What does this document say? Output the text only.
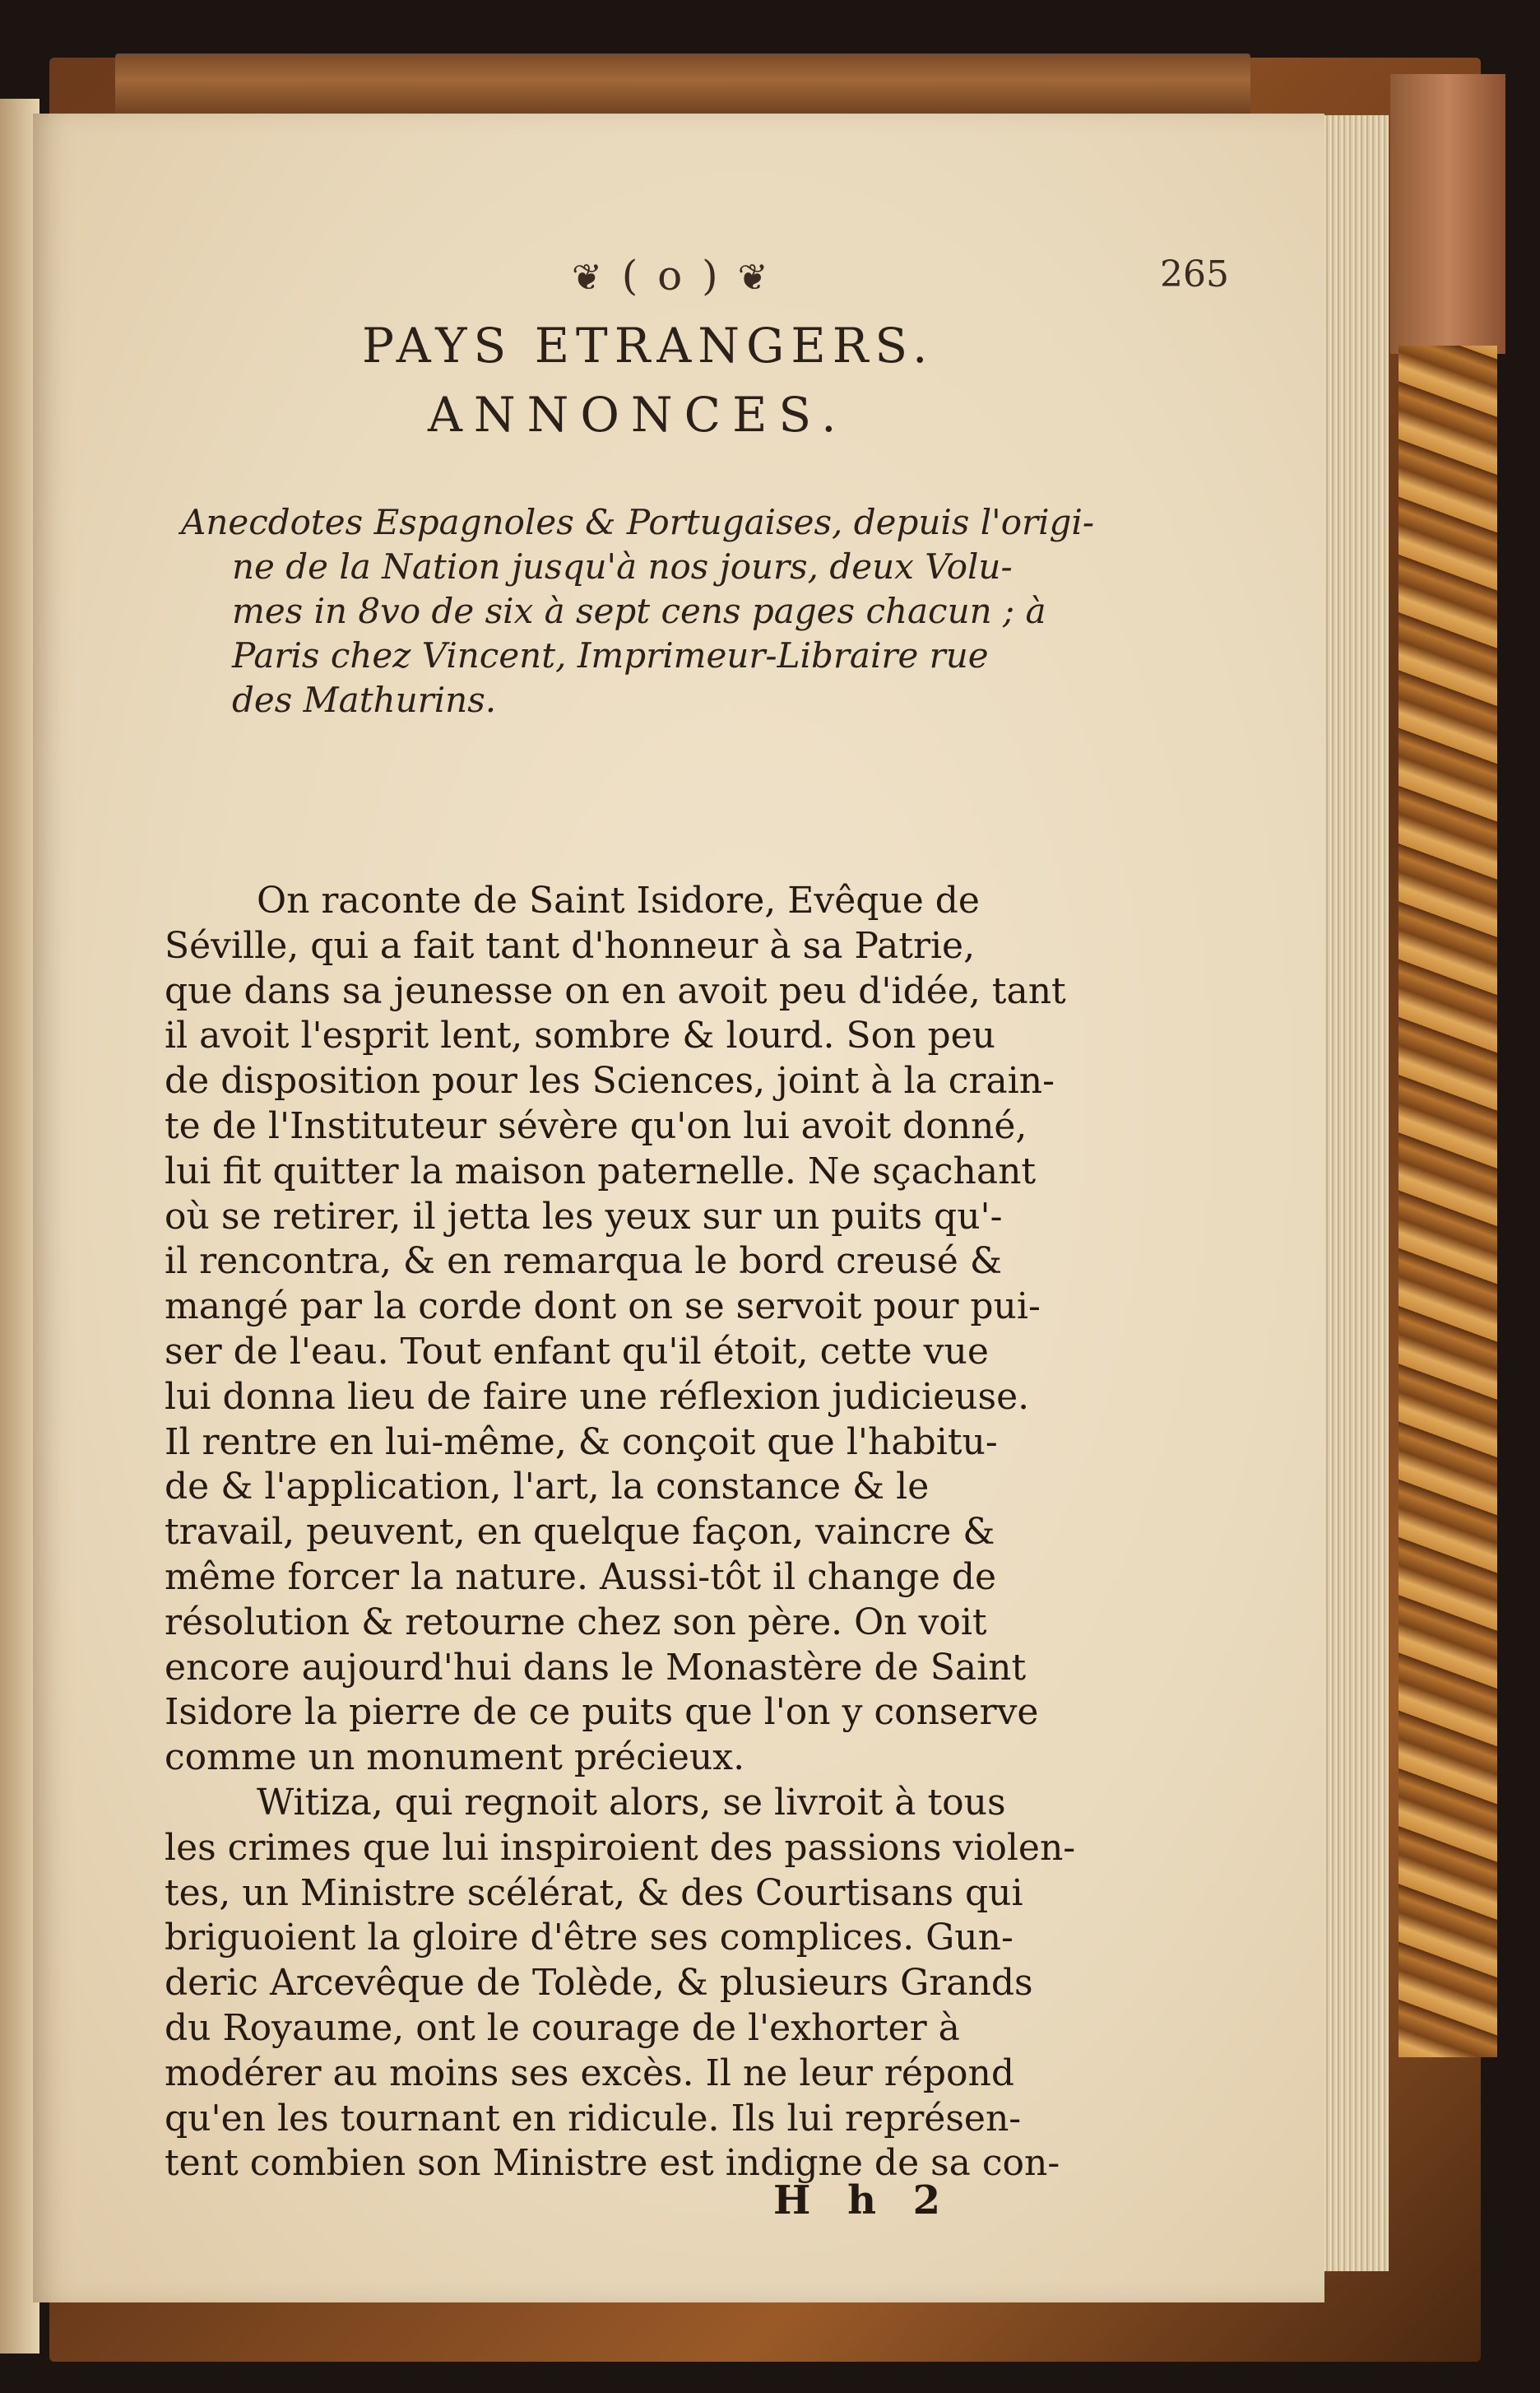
❦ ( o ) ❦	265
PAYS ETRANGERS.
ANNONCES.
Anecdotes Espagnoles & Portugaises, depuis l'origi-
ne de la Nation jusqu'à nos jours, deux Volu-
mes in 8vo de six à sept cens pages chacun ; à
Paris chez Vincent, Imprimeur-Libraire rue
des Mathurins.

On raconte de Saint Isidore, Evêque de

Séville, qui a fait tant d'honneur à sa Patrie,

que dans sa jeunesse on en avoit peu d'idée, tant

il avoit l'esprit lent, sombre & lourd. Son peu

de disposition pour les Sciences, joint à la crain-

te de l'Instituteur sévère qu'on lui avoit donné,

lui fit quitter la maison paternelle. Ne sçachant

où se retirer, il jetta les yeux sur un puits qu'-

il rencontra, & en remarqua le bord creusé &

mangé par la corde dont on se servoit pour pui-

ser de l'eau. Tout enfant qu'il étoit, cette vue

lui donna lieu de faire une réflexion judicieuse.

Il rentre en lui-même, & conçoit que l'habitu-

de & l'application, l'art, la constance & le

travail, peuvent, en quelque façon, vaincre &

même forcer la nature. Aussi-tôt il change de

résolution & retourne chez son père. On voit

encore aujourd'hui dans le Monastère de Saint

Isidore la pierre de ce puits que l'on y conserve

comme un monument précieux.

Witiza, qui regnoit alors, se livroit à tous

les crimes que lui inspiroient des passions violen-

tes, un Ministre scélérat, & des Courtisans qui

briguoient la gloire d'être ses complices. Gun-

deric Arcevêque de Tolède, & plusieurs Grands

du Royaume, ont le courage de l'exhorter à

modérer au moins ses excès. Il ne leur répond

qu'en les tournant en ridicule. Ils lui représen-

tent combien son Ministre est indigne de sa con-

H h 2
